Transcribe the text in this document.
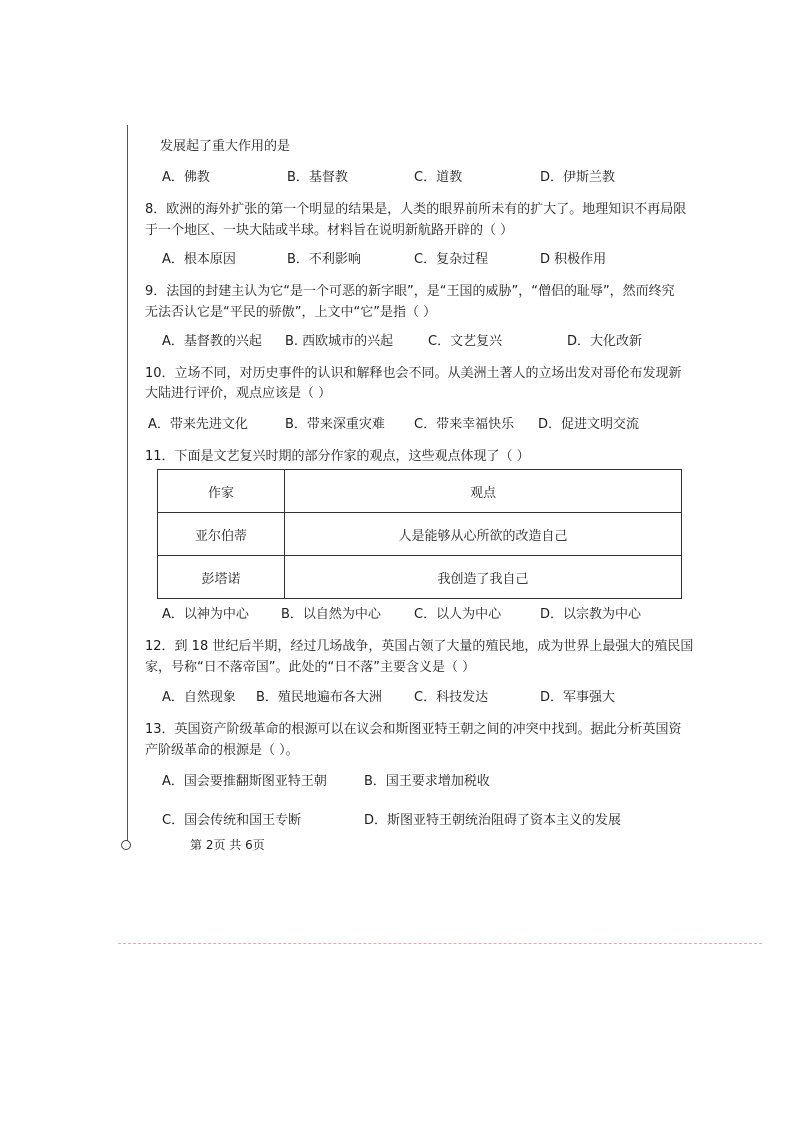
发展起了重大作用的是
A．佛教	B．基督教	C．道教	D．伊斯兰教
8．欧洲的海外扩张的第一个明显的结果是，人类的眼界前所未有的扩大了。地理知识不再局限
于一个地区、一块大陆或半球。材料旨在说明新航路开辟的（ ）
A．根本原因	B．不利影响	C．复杂过程	D 积极作用
9．法国的封建主认为它“是一个可恶的新字眼”，是“王国的威胁”，“僧侣的耻辱”，然而终究
无法否认它是“平民的骄傲”，上文中“它”是指（ ）
A．基督教的兴起 B. 西欧城市的兴起	C．文艺复兴	D．大化改新
10．立场不同，对历史事件的认识和解释也会不同。从美洲土著人的立场出发对哥伦布发现新
大陆进行评价，观点应该是（ ）
A．带来先进文化	B．带来深重灾难 C．带来幸福快乐 D．促进文明交流
11．下面是文艺复兴时期的部分作家的观点，这些观点体现了（ ）
作家	观点
亚尔伯蒂	人是能够从心所欲的改造自己
彭塔诺	我创造了我自己
A．以神为中心 B．以自然为中心	C．以人为中心	D．以宗教为中心
12．到 18 世纪后半期，经过几场战争，英国占领了大量的殖民地，成为世界上最强大的殖民国
家，号称“日不落帝国”。此处的“日不落”主要含义是（ ）
A．自然现象 B．殖民地遍布各大洲 C．科技发达	D．军事强大
13．英国资产阶级革命的根源可以在议会和斯图亚特王朝之间的冲突中找到。据此分析英国资
产阶级革命的根源是（ ）。
A．国会要推翻斯图亚特王朝	B．国王要求增加税收
C．国会传统和国王专断	D．斯图亚特王朝统治阻碍了资本主义的发展
第 2页 共 6页
